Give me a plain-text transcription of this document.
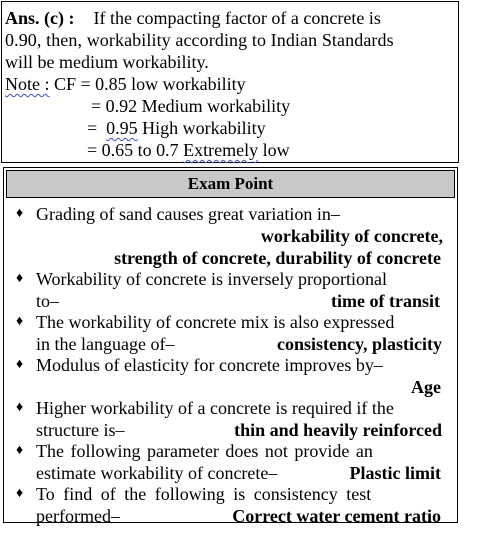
Ans. (c) : If the compacting factor of a concrete is
0.90, then, workability according to Indian Standards
will be medium workability.
Note : CF = 0.85 low workability
= 0.92 Medium workability
= 0.95 High workability
= 0.65 to 0.7 Extremely low
Exam Point
♦ Grading of sand causes great variation in–
workability of concrete,
strength of concrete, durability of concrete
♦ Workability of concrete is inversely proportional
to–	time of transit
♦ The workability of concrete mix is also expressed
in the language of–	consistency, plasticity
♦ Modulus of elasticity for concrete improves by–
Age
♦ Higher workability of a concrete is required if the
structure is–	thin and heavily reinforced
♦ The following parameter does not provide an
estimate workability of concrete–	Plastic limit
♦ To find of the following is consistency test
performed–	Correct water cement ratio
